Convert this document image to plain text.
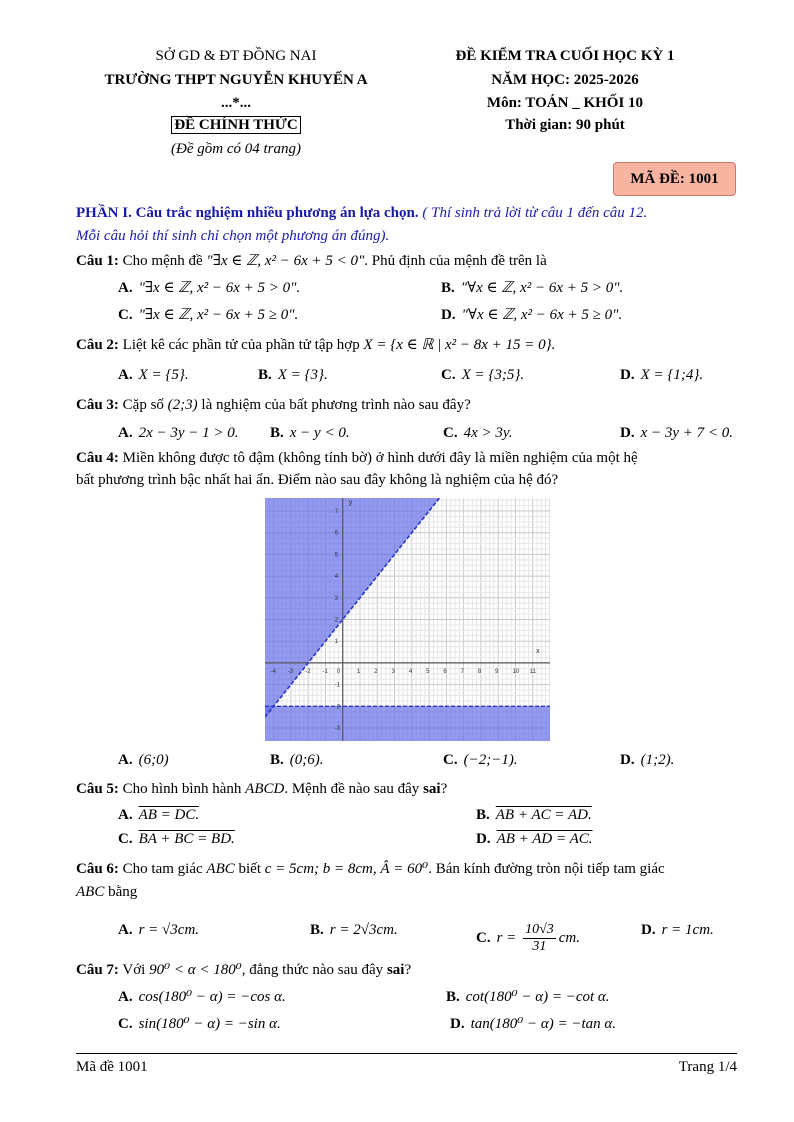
SỞ GD & ĐT ĐỒNG NAI
TRƯỜNG THPT NGUYỄN KHUYẾN A
...*...
ĐỀ CHÍNH THỨC
(Đề gồm có 04 trang)
ĐỀ KIỂM TRA CUỐI HỌC KỲ 1
NĂM HỌC: 2025-2026
Môn: TOÁN _ KHỐI 10
Thời gian: 90 phút
MÃ ĐỀ: 1001
PHẦN I. Câu trắc nghiệm nhiều phương án lựa chọn. ( Thí sinh trả lời từ câu 1 đến câu 12.
Mỗi câu hỏi thí sinh chỉ chọn một phương án đúng).
Câu 1: Cho mệnh đề "∃x ∈ ℤ, x² − 6x + 5 < 0". Phủ định của mệnh đề trên là
A. "∃x ∈ ℤ, x² − 6x + 5 > 0".	B. "∀x ∈ ℤ, x² − 6x + 5 > 0".
C. "∃x ∈ ℤ, x² − 6x + 5 ≥ 0".	D. "∀x ∈ ℤ, x² − 6x + 5 ≥ 0".
Câu 2: Liệt kê các phần tử của phần tử tập hợp X = {x ∈ ℝ | x² − 8x + 15 = 0}.
A. X = {5}.	B. X = {3}.	C. X = {3;5}.	D. X = {1;4}.
Câu 3: Cặp số (2;3) là nghiệm của bất phương trình nào sau đây?
A. 2x − 3y − 1 > 0. B. x − y < 0.	C. 4x > 3y.	D. x − 3y + 7 < 0.
Câu 4: Miền không được tô đậm (không tính bờ) ở hình dưới đây là miền nghiệm của một hệ
bất phương trình bậc nhất hai ẩn. Điểm nào sau đây không là nghiệm của hệ đó?
-4 -3 -2 -1	1 2 3 4 5 6 7 8 9 10 11
7
6
5
4
3
2
1
-1
-2
-3
0
x
y
A. (6;0)	B. (0;6).	C. (−2;−1).	D. (1;2).
Câu 5: Cho hình bình hành ABCD. Mệnh đề nào sau đây sai?
A. AB = DC.	B. AB + AC = AD.
C. BA + BC = BD.	D. AB + AD = AC.
Câu 6: Cho tam giác ABC biết c = 5cm; b = 8cm, Â = 60⁰. Bán kính đường tròn nội tiếp tam giác
ABC bằng
A. r = √3cm.	B. r = 2√3cm.	C. $r = \frac{10√3}{31}$ cm.	D. r = 1cm.
Câu 7: Với 90⁰ < α < 180⁰, đẳng thức nào sau đây sai?
A. cos(180⁰ − α) = −cos α.	B. cot(180⁰ − α) = −cot α.
C. sin(180⁰ − α) = −sin α.	D. tan(180⁰ − α) = −tan α.
Mã đề 1001	Trang 1/4
